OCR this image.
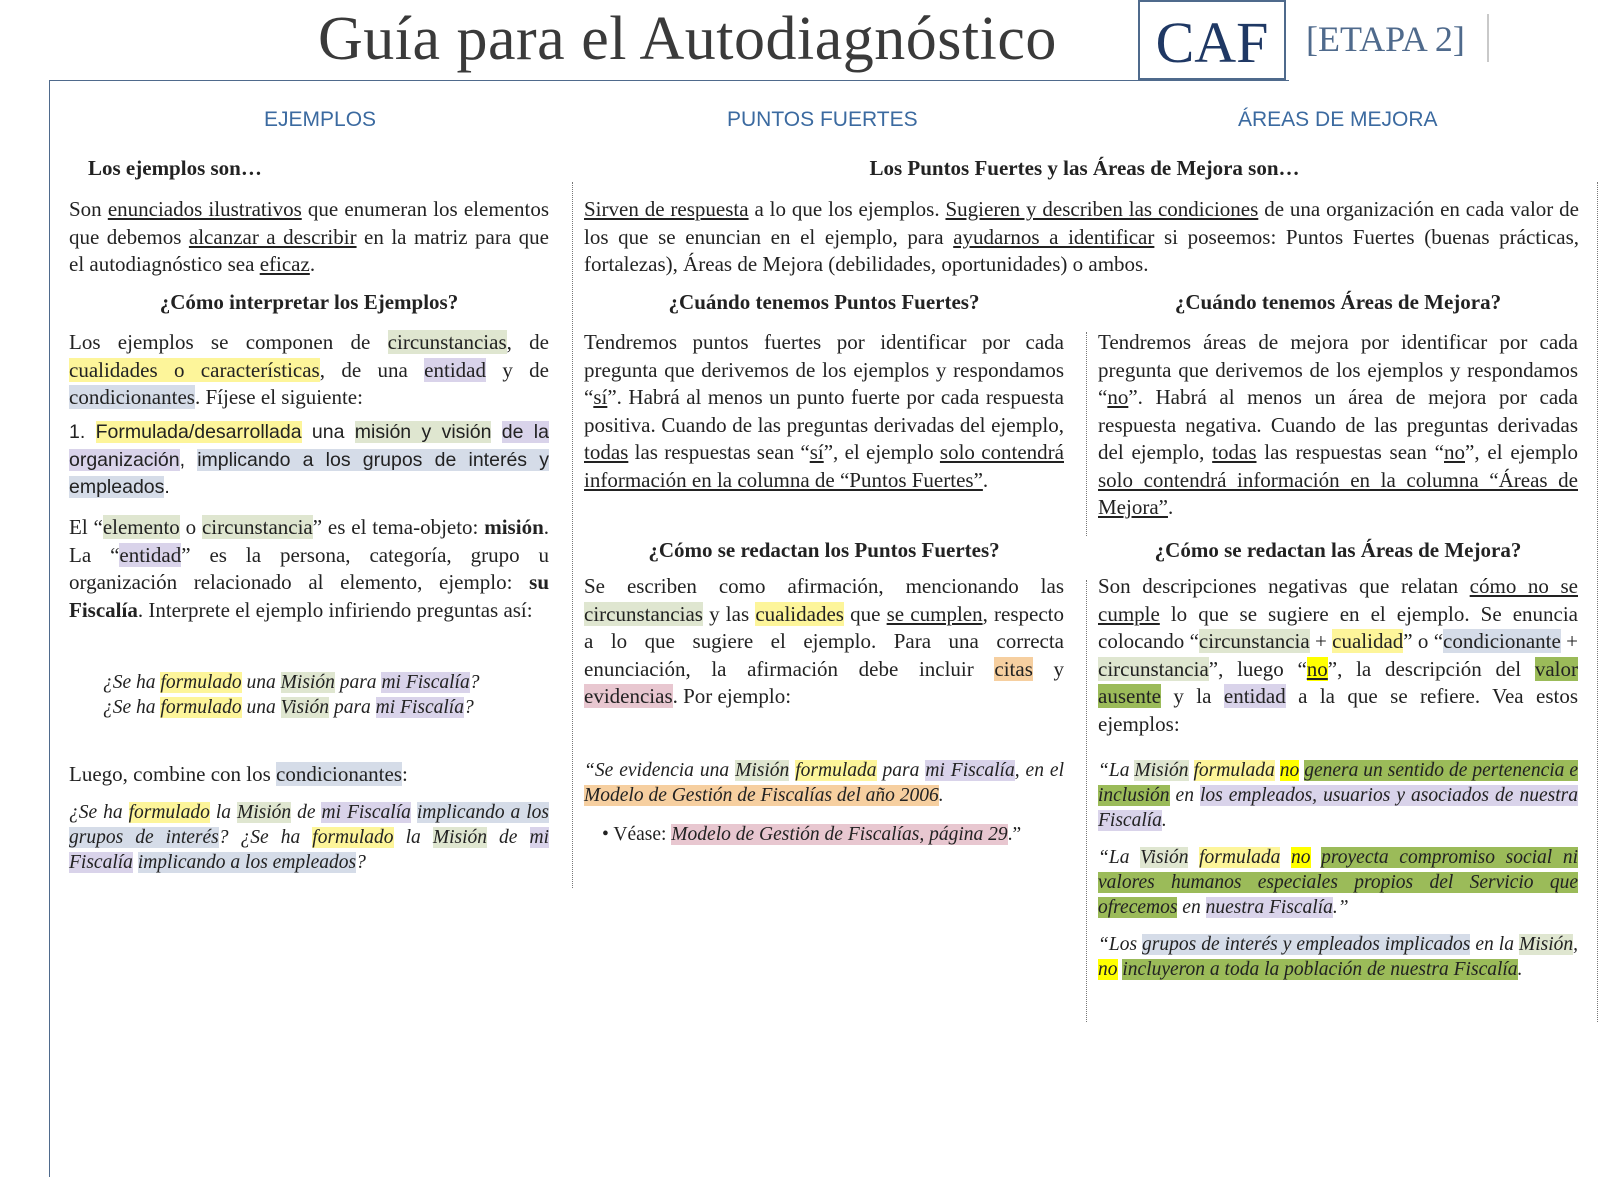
Guía para el Autodiagnóstico	CAF	[ETAPA 2]
EJEMPLOS	PUNTOS FUERTES	ÁREAS DE MEJORA
Los ejemplos son…
Son enunciados ilustrativos que enumeran los elementos que debemos alcanzar a describir en la matriz para que el autodiagnóstico sea eficaz.
¿Cómo interpretar los Ejemplos?
Los ejemplos se componen de circunstancias, de cualidades o características, de una entidad y de condicionantes. Fíjese el siguiente:
1. Formulada/desarrollada una misión y visión de la organización, implicando a los grupos de interés y empleados.
El “elemento o circunstancia” es el tema-objeto: misión. La “entidad” es la persona, categoría, grupo u organización relacionado al elemento, ejemplo: su Fiscalía. Interprete el ejemplo infiriendo preguntas así:
¿Se ha formulado una Misión para mi Fiscalía?
¿Se ha formulado una Visión para mi Fiscalía?
Luego, combine con los condicionantes:
¿Se ha formulado la Misión de mi Fiscalía implicando a los grupos de interés? ¿Se ha formulado la Misión de mi Fiscalía implicando a los empleados?
Los Puntos Fuertes y las Áreas de Mejora son…
Sirven de respuesta a lo que los ejemplos. Sugieren y describen las condiciones de una organización en cada valor de los que se enuncian en el ejemplo, para ayudarnos a identificar si poseemos: Puntos Fuertes (buenas prácticas, fortalezas), Áreas de Mejora (debilidades, oportunidades) o ambos.
¿Cuándo tenemos Puntos Fuertes?
Tendremos puntos fuertes por identificar por cada pregunta que derivemos de los ejemplos y respondamos “sí”. Habrá al menos un punto fuerte por cada respuesta positiva. Cuando de las preguntas derivadas del ejemplo, todas las respuestas sean “sí”, el ejemplo solo contendrá información en la columna de “Puntos Fuertes”.
¿Cómo se redactan los Puntos Fuertes?
Se escriben como afirmación, mencionando las circunstancias y las cualidades que se cumplen, respecto a lo que sugiere el ejemplo. Para una correcta enunciación, la afirmación debe incluir citas y evidencias. Por ejemplo:
“Se evidencia una Misión formulada para mi Fiscalía, en el Modelo de Gestión de Fiscalías del año 2006.
• Véase: Modelo de Gestión de Fiscalías, página 29.”
¿Cuándo tenemos Áreas de Mejora?
Tendremos áreas de mejora por identificar por cada pregunta que derivemos de los ejemplos y respondamos “no”. Habrá al menos un área de mejora por cada respuesta negativa. Cuando de las preguntas derivadas del ejemplo, todas las respuestas sean “no”, el ejemplo solo contendrá información en la columna “Áreas de Mejora”.
¿Cómo se redactan las Áreas de Mejora?
Son descripciones negativas que relatan cómo no se cumple lo que se sugiere en el ejemplo. Se enuncia colocando “circunstancia + cualidad” o “condicionante + circunstancia”, luego “no”, la descripción del valor ausente y la entidad a la que se refiere. Vea estos ejemplos:
“La Misión formulada no genera un sentido de pertenencia e inclusión en los empleados, usuarios y asociados de nuestra Fiscalía.
“La Visión formulada no proyecta compromiso social ni valores humanos especiales propios del Servicio que ofrecemos en nuestra Fiscalía.”
“Los grupos de interés y empleados implicados en la Misión, no incluyeron a toda la población de nuestra Fiscalía.
